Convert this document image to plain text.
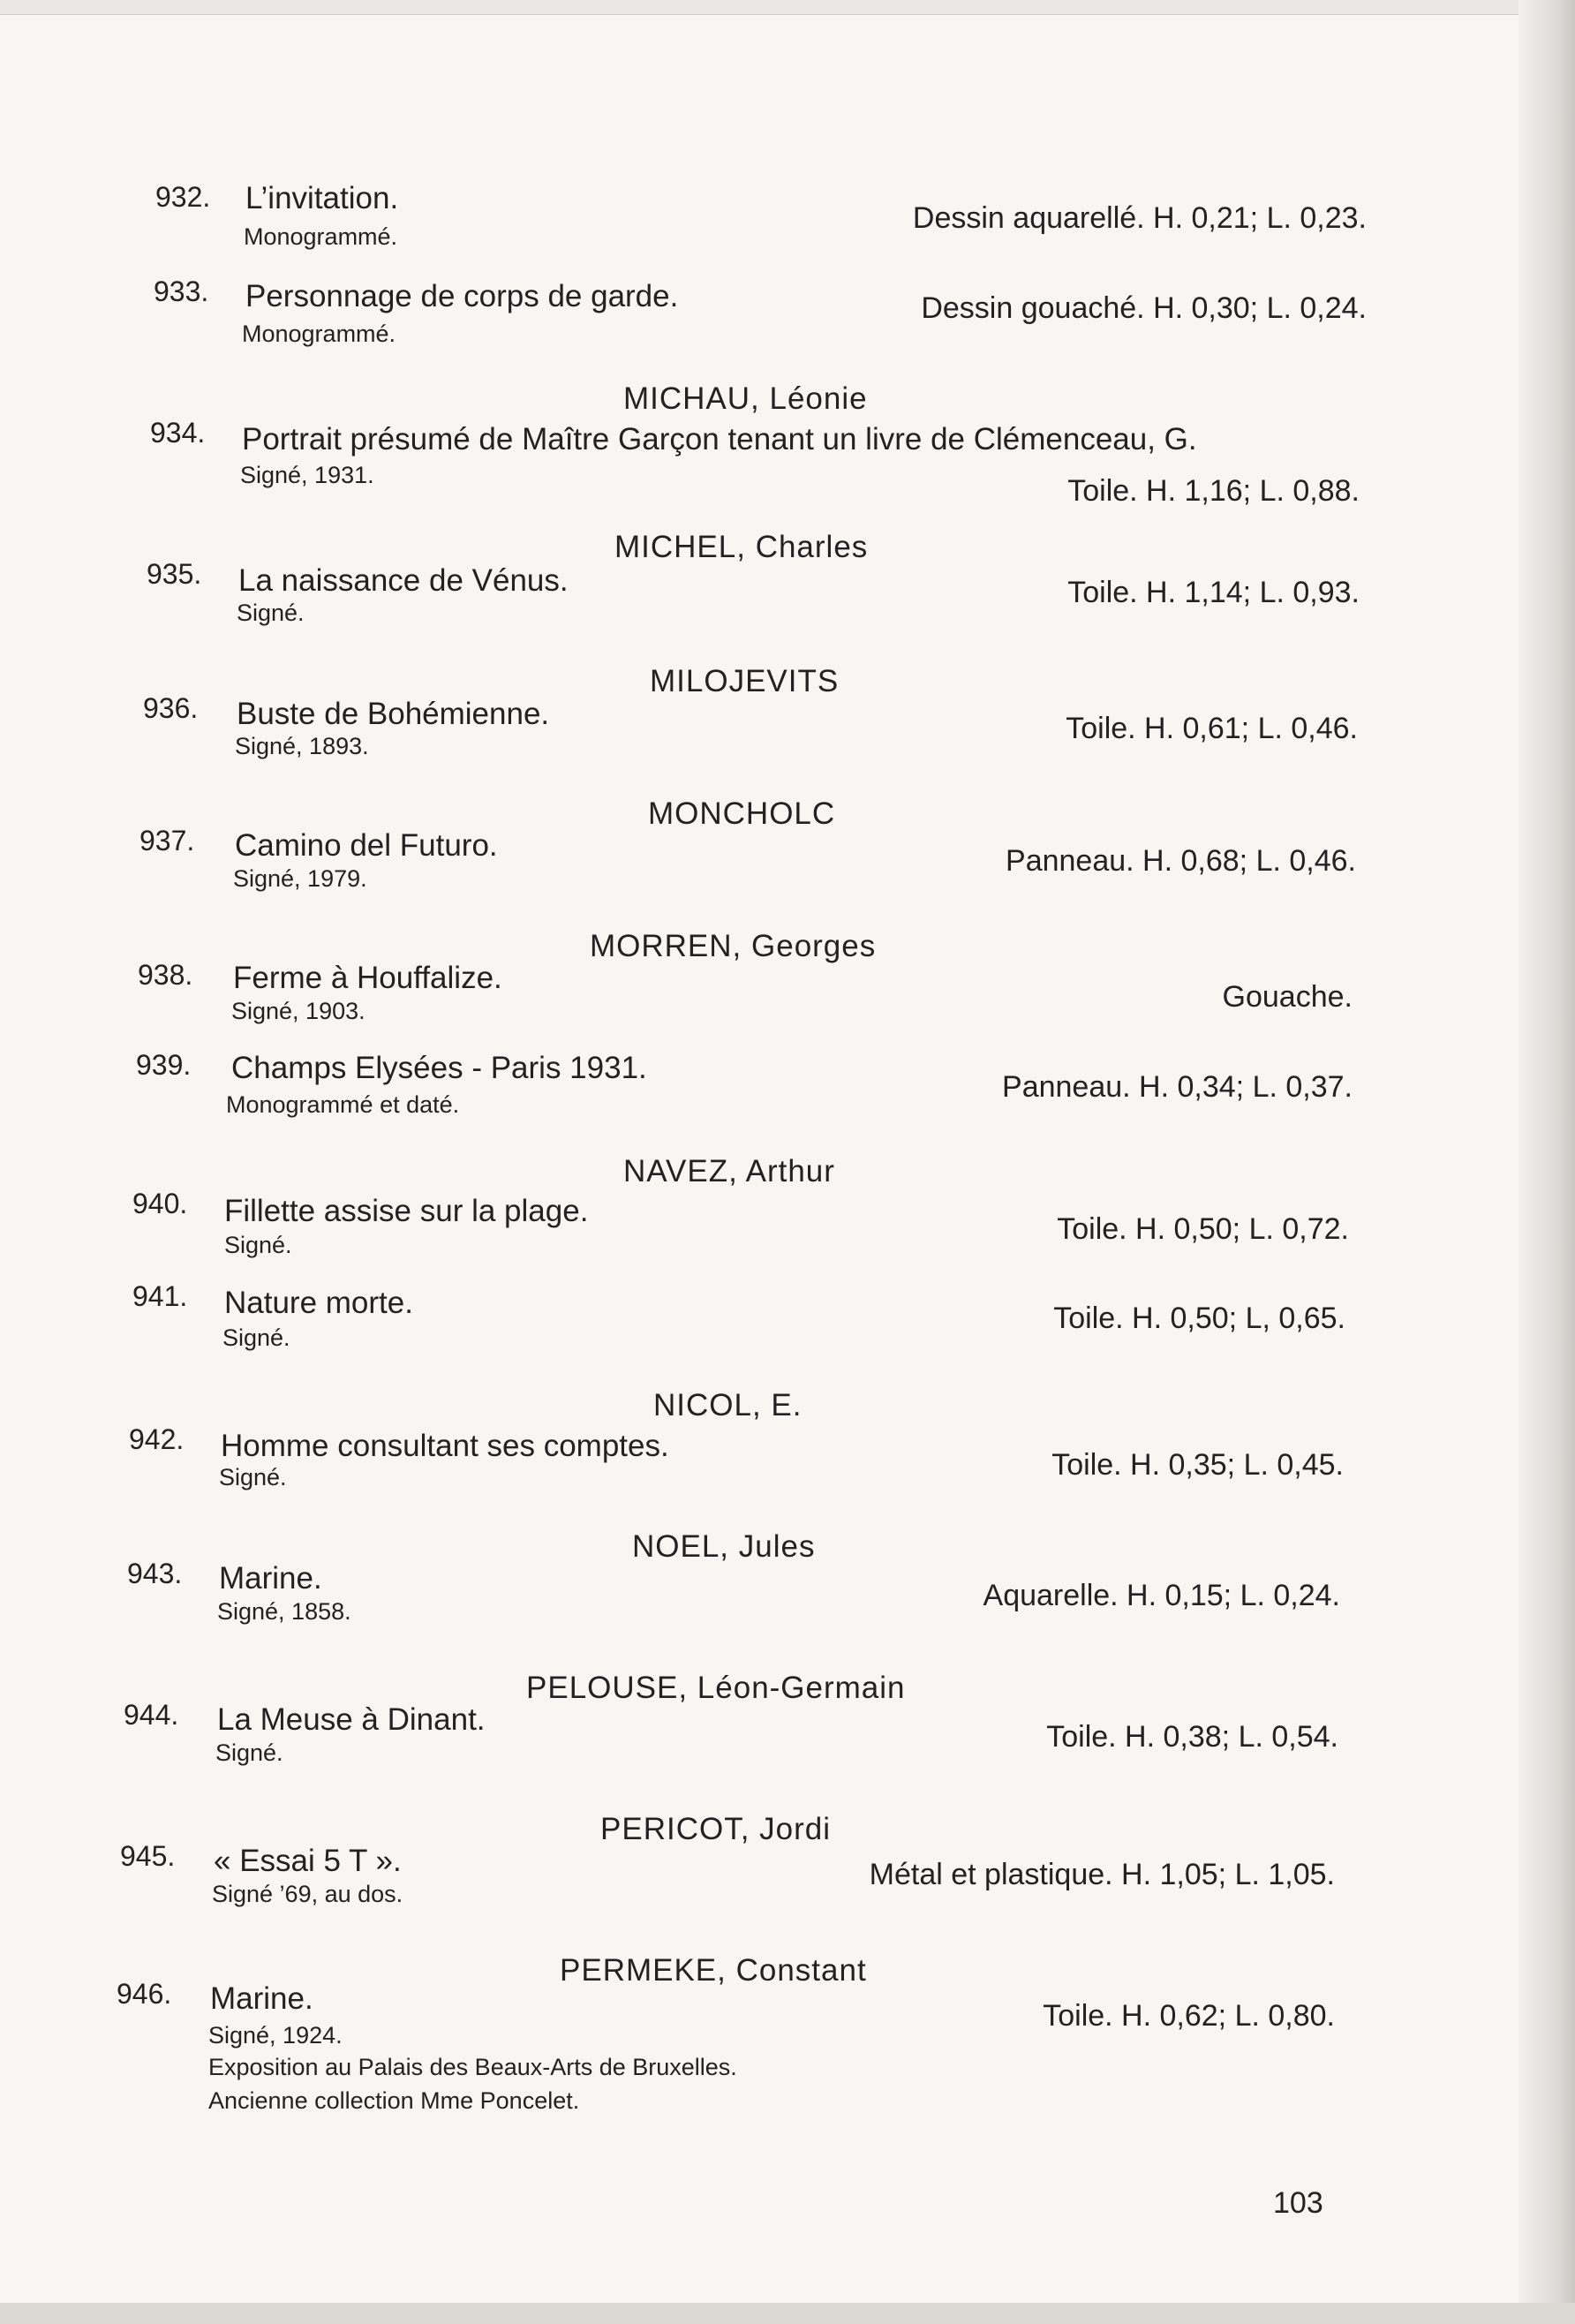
932. L’invitation.
Monogrammé.
Dessin aquarellé. H. 0,21; L. 0,23.
933. Personnage de corps de garde.
Monogrammé.
Dessin gouaché. H. 0,30; L. 0,24.
MICHAU, Léonie
934. Portrait présumé de Maître Garçon tenant un livre de Clémenceau, G.
Signé, 1931.	Toile. H. 1,16; L. 0,88.
MICHEL, Charles
935. La naissance de Vénus.
Signé.
Toile. H. 1,14; L. 0,93.
MILOJEVITS
936. Buste de Bohémienne.
Signé, 1893.
Toile. H. 0,61; L. 0,46.
MONCHOLC
937. Camino del Futuro.
Signé, 1979.
Panneau. H. 0,68; L. 0,46.
MORREN, Georges
938. Ferme à Houffalize.
Signé, 1903.	Gouache.
939. Champs Elysées - Paris 1931.
Monogrammé et daté.
Panneau. H. 0,34; L. 0,37.
NAVEZ, Arthur
940. Fillette assise sur la plage.
Signé.	Toile. H. 0,50; L. 0,72.
941. Nature morte.
Signé.
Toile. H. 0,50; L, 0,65.
NICOL, E.
942. Homme consultant ses comptes.
Signé.	Toile. H. 0,35; L. 0,45.
NOEL, Jules
943. Marine.
Signé, 1858.	Aquarelle. H. 0,15; L. 0,24.
PELOUSE, Léon-Germain
944. La Meuse à Dinant.
Signé.	Toile. H. 0,38; L. 0,54.
PERICOT, Jordi
945. « Essai 5 T ».
Signé ’69, au dos.
Métal et plastique. H. 1,05; L. 1,05.
PERMEKE, Constant
946. Marine.
Signé, 1924.
Exposition au Palais des Beaux-Arts de Bruxelles.
Ancienne collection Mme Poncelet.
Toile. H. 0,62; L. 0,80.
103
